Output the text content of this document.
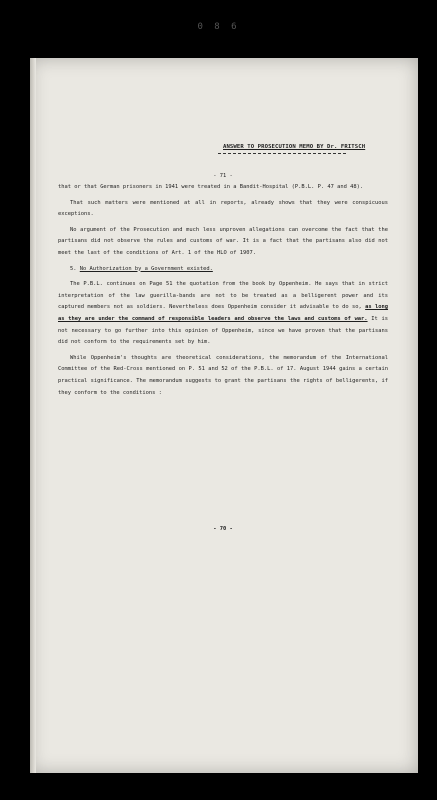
0 8 6
ANSWER TO PROSECUTION MEMO BY Dr. FRITSCH
- 71 -

that or that German prisoners in 1941 were treated in a Bandit-Hospital (P.B.L. P. 47 and 48).

That such matters were mentioned at all in reports, already shows that they were conspicuous exceptions.

No argument of the Prosecution and much less unproven allegations can overcome the fact that the partisans did not observe the rules and customs of war. It is a fact that the partisans also did not meet the last of the conditions of Art. 1 of the HLO of 1907.

5. No Authorization by a Government existed.

The P.B.L. continues on Page 51 the quotation from the book by Oppenheim. He says that in strict interpretation of the law guerilla-bands are not to be treated as a belligerent power and its captured members not as soldiers. Nevertheless does Oppenheim consider it advisable to do so, as long as they are under the command of responsible leaders and observe the laws and customs of war. It is not necessary to go further into this opinion of Oppenheim, since we have proven that the partisans did not conform to the requirements set by him.

While Oppenheim's thoughts are theoretical considerations, the memorandum of the International Committee of the Red-Cross mentioned on P. 51 and 52 of the P.B.L. of 17. August 1944 gains a certain practical significance. The memorandum suggests to grant the partisans the rights of belligerents, if they conform to the conditions :

- 70 -
